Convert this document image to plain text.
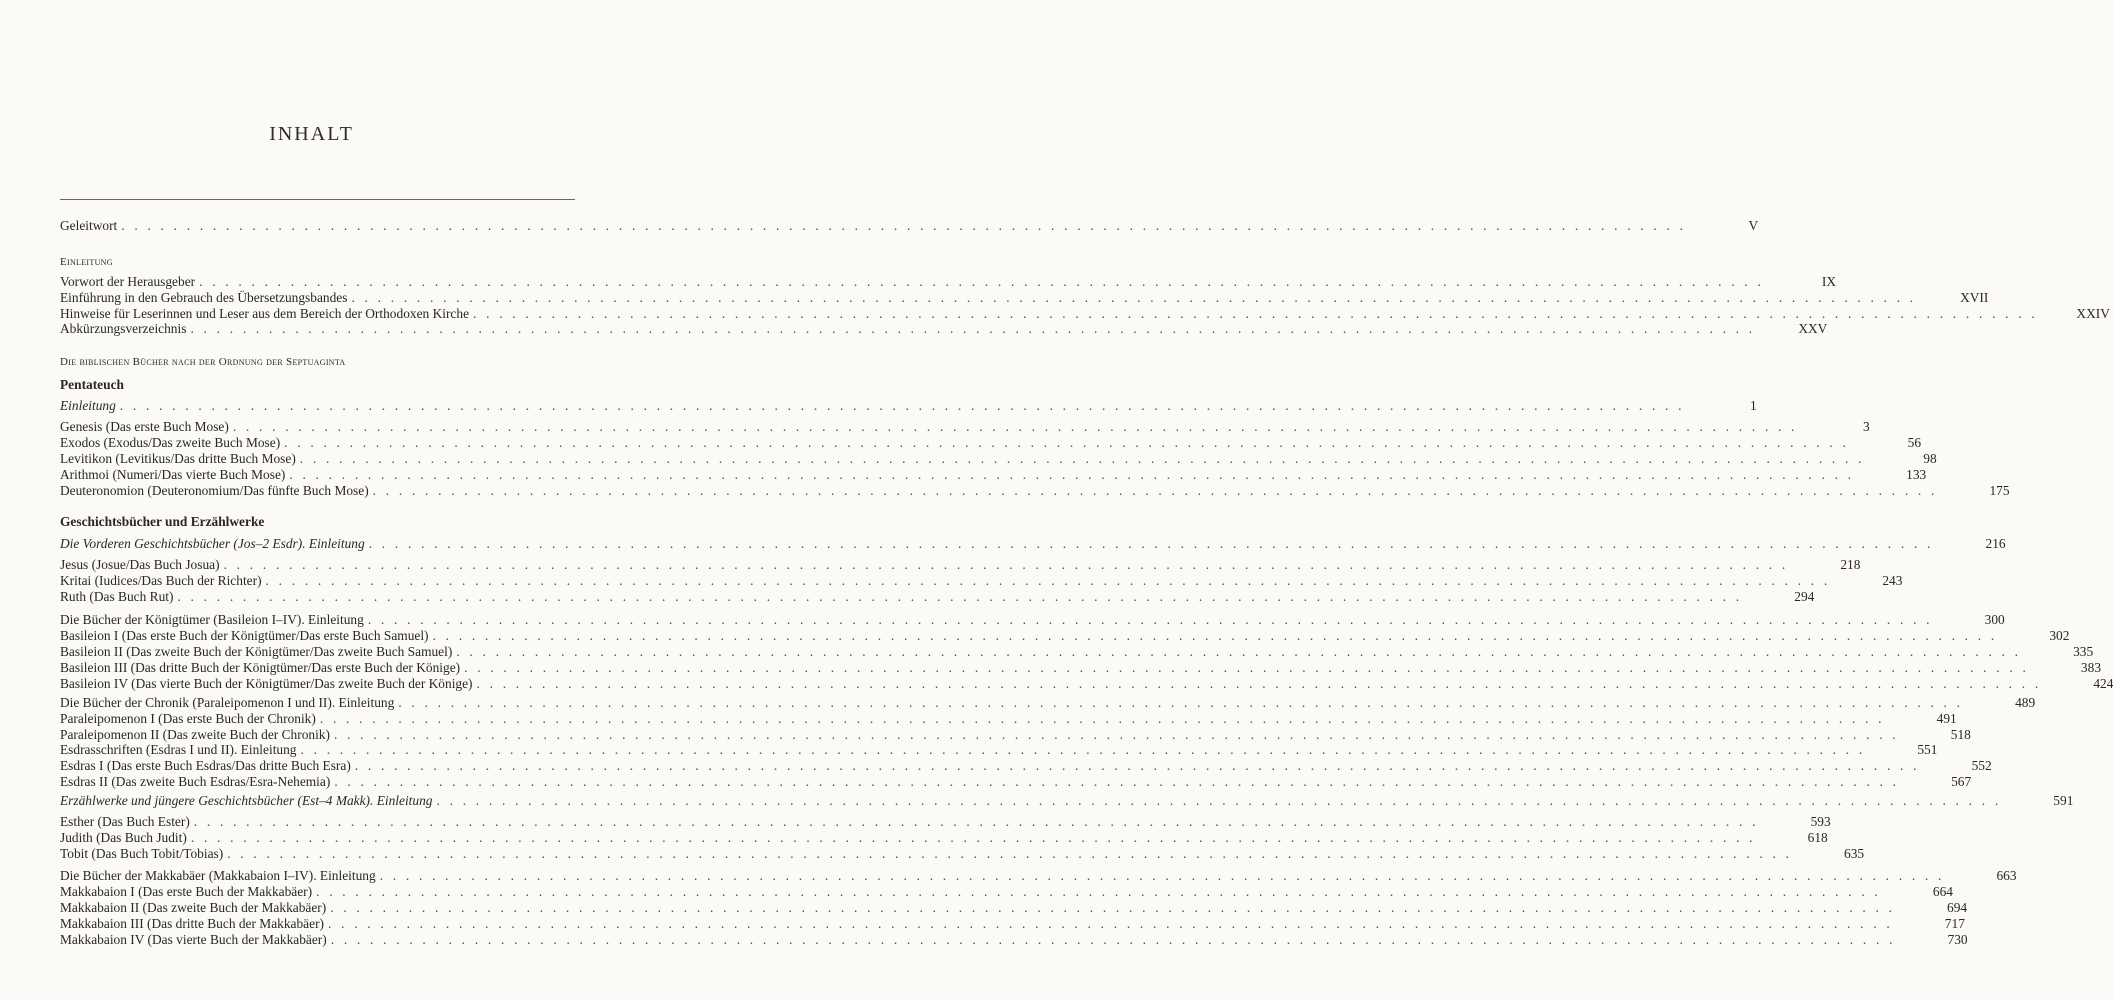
INHALT
Einleitung
Die biblischen Bücher nach der Ordnung der Septuaginta
Pentateuch
Geschichtsbücher und Erzählwerke
Geleitwort . . . . . . . . . . . . . . . . . . . . . . . . . . . . . . . . . . . . . . . . . . . . . . . . . . . . . . . . . . . . . . . . . . . . . . . . . . . . . . . . . . . . . . . . . . . . . . . . . . . . . . . . . . . . . . . . . . . . . . . .	V
Vorwort der Herausgeber . . . . . . . . . . . . . . . . . . . . . . . . . . . . . . . . . . . . . . . . . . . . . . . . . . . . . . . . . . . . . . . . . . . . . . . . . . . . . . . . . . . . . . . . . . . . . . . . . . . . . . . . . . . . . . . . . . . . . . . .	IX
Einführung in den Gebrauch des Übersetzungsbandes . . . . . . . . . . . . . . . . . . . . . . . . . . . . . . . . . . . . . . . . . . . . . . . . . . . . . . . . . . . . . . . . . . . . . . . . . . . . . . . . . . . . . . . . . . . . . . . . . . . . . . . . . . . . . . . . . . . . . . . .	XVII
Hinweise für Leserinnen und Leser aus dem Bereich der Orthodoxen Kirche . . . . . . . . . . . . . . . . . . . . . . . . . . . . . . . . . . . . . . . . . . . . . . . . . . . . . . . . . . . . . . . . . . . . . . . . . . . . . . . . . . . . . . . . . . . . . . . . . . . . . . . . . . . . . . . . . . . . . . . .	XXIV
Abkürzungsverzeichnis . . . . . . . . . . . . . . . . . . . . . . . . . . . . . . . . . . . . . . . . . . . . . . . . . . . . . . . . . . . . . . . . . . . . . . . . . . . . . . . . . . . . . . . . . . . . . . . . . . . . . . . . . . . . . . . . . . . . . . . .	XXV
Einleitung . . . . . . . . . . . . . . . . . . . . . . . . . . . . . . . . . . . . . . . . . . . . . . . . . . . . . . . . . . . . . . . . . . . . . . . . . . . . . . . . . . . . . . . . . . . . . . . . . . . . . . . . . . . . . . . . . . . . . . . .	1
Genesis (Das erste Buch Mose) . . . . . . . . . . . . . . . . . . . . . . . . . . . . . . . . . . . . . . . . . . . . . . . . . . . . . . . . . . . . . . . . . . . . . . . . . . . . . . . . . . . . . . . . . . . . . . . . . . . . . . . . . . . . . . . . . . . . . . . .	3
Exodos (Exodus/Das zweite Buch Mose) . . . . . . . . . . . . . . . . . . . . . . . . . . . . . . . . . . . . . . . . . . . . . . . . . . . . . . . . . . . . . . . . . . . . . . . . . . . . . . . . . . . . . . . . . . . . . . . . . . . . . . . . . . . . . . . . . . . . . . . .	56
Levitikon (Levitikus/Das dritte Buch Mose) . . . . . . . . . . . . . . . . . . . . . . . . . . . . . . . . . . . . . . . . . . . . . . . . . . . . . . . . . . . . . . . . . . . . . . . . . . . . . . . . . . . . . . . . . . . . . . . . . . . . . . . . . . . . . . . . . . . . . . . .	98
Arithmoi (Numeri/Das vierte Buch Mose) . . . . . . . . . . . . . . . . . . . . . . . . . . . . . . . . . . . . . . . . . . . . . . . . . . . . . . . . . . . . . . . . . . . . . . . . . . . . . . . . . . . . . . . . . . . . . . . . . . . . . . . . . . . . . . . . . . . . . . . .	133
Deuteronomion (Deuteronomium/Das fünfte Buch Mose) . . . . . . . . . . . . . . . . . . . . . . . . . . . . . . . . . . . . . . . . . . . . . . . . . . . . . . . . . . . . . . . . . . . . . . . . . . . . . . . . . . . . . . . . . . . . . . . . . . . . . . . . . . . . . . . . . . . . . . . .	175
Die Vorderen Geschichtsbücher (Jos–2 Esdr). Einleitung . . . . . . . . . . . . . . . . . . . . . . . . . . . . . . . . . . . . . . . . . . . . . . . . . . . . . . . . . . . . . . . . . . . . . . . . . . . . . . . . . . . . . . . . . . . . . . . . . . . . . . . . . . . . . . . . . . . . . . . .	216
Jesus (Josue/Das Buch Josua) . . . . . . . . . . . . . . . . . . . . . . . . . . . . . . . . . . . . . . . . . . . . . . . . . . . . . . . . . . . . . . . . . . . . . . . . . . . . . . . . . . . . . . . . . . . . . . . . . . . . . . . . . . . . . . . . . . . . . . . .	218
Kritai (Iudices/Das Buch der Richter) . . . . . . . . . . . . . . . . . . . . . . . . . . . . . . . . . . . . . . . . . . . . . . . . . . . . . . . . . . . . . . . . . . . . . . . . . . . . . . . . . . . . . . . . . . . . . . . . . . . . . . . . . . . . . . . . . . . . . . . .	243
Ruth (Das Buch Rut) . . . . . . . . . . . . . . . . . . . . . . . . . . . . . . . . . . . . . . . . . . . . . . . . . . . . . . . . . . . . . . . . . . . . . . . . . . . . . . . . . . . . . . . . . . . . . . . . . . . . . . . . . . . . . . . . . . . . . . . .	294
Die Bücher der Königtümer (Basileion I–IV). Einleitung . . . . . . . . . . . . . . . . . . . . . . . . . . . . . . . . . . . . . . . . . . . . . . . . . . . . . . . . . . . . . . . . . . . . . . . . . . . . . . . . . . . . . . . . . . . . . . . . . . . . . . . . . . . . . . . . . . . . . . . .	300
Basileion I (Das erste Buch der Königtümer/Das erste Buch Samuel) . . . . . . . . . . . . . . . . . . . . . . . . . . . . . . . . . . . . . . . . . . . . . . . . . . . . . . . . . . . . . . . . . . . . . . . . . . . . . . . . . . . . . . . . . . . . . . . . . . . . . . . . . . . . . . . . . . . . . . . .	302
Basileion II (Das zweite Buch der Königtümer/Das zweite Buch Samuel) . . . . . . . . . . . . . . . . . . . . . . . . . . . . . . . . . . . . . . . . . . . . . . . . . . . . . . . . . . . . . . . . . . . . . . . . . . . . . . . . . . . . . . . . . . . . . . . . . . . . . . . . . . . . . . . . . . . . . . . .	335
Basileion III (Das dritte Buch der Königtümer/Das erste Buch der Könige) . . . . . . . . . . . . . . . . . . . . . . . . . . . . . . . . . . . . . . . . . . . . . . . . . . . . . . . . . . . . . . . . . . . . . . . . . . . . . . . . . . . . . . . . . . . . . . . . . . . . . . . . . . . . . . . . . . . . . . . .	383
Basileion IV (Das vierte Buch der Königtümer/Das zweite Buch der Könige) . . . . . . . . . . . . . . . . . . . . . . . . . . . . . . . . . . . . . . . . . . . . . . . . . . . . . . . . . . . . . . . . . . . . . . . . . . . . . . . . . . . . . . . . . . . . . . . . . . . . . . . . . . . . . . . . . . . . . . . .	424
Die Bücher der Chronik (Paraleipomenon I und II). Einleitung . . . . . . . . . . . . . . . . . . . . . . . . . . . . . . . . . . . . . . . . . . . . . . . . . . . . . . . . . . . . . . . . . . . . . . . . . . . . . . . . . . . . . . . . . . . . . . . . . . . . . . . . . . . . . . . . . . . . . . . .	489
Paraleipomenon I (Das erste Buch der Chronik) . . . . . . . . . . . . . . . . . . . . . . . . . . . . . . . . . . . . . . . . . . . . . . . . . . . . . . . . . . . . . . . . . . . . . . . . . . . . . . . . . . . . . . . . . . . . . . . . . . . . . . . . . . . . . . . . . . . . . . . .	491
Paraleipomenon II (Das zweite Buch der Chronik) . . . . . . . . . . . . . . . . . . . . . . . . . . . . . . . . . . . . . . . . . . . . . . . . . . . . . . . . . . . . . . . . . . . . . . . . . . . . . . . . . . . . . . . . . . . . . . . . . . . . . . . . . . . . . . . . . . . . . . . .	518
Esdrasschriften (Esdras I und II). Einleitung . . . . . . . . . . . . . . . . . . . . . . . . . . . . . . . . . . . . . . . . . . . . . . . . . . . . . . . . . . . . . . . . . . . . . . . . . . . . . . . . . . . . . . . . . . . . . . . . . . . . . . . . . . . . . . . . . . . . . . . .	551
Esdras I (Das erste Buch Esdras/Das dritte Buch Esra) . . . . . . . . . . . . . . . . . . . . . . . . . . . . . . . . . . . . . . . . . . . . . . . . . . . . . . . . . . . . . . . . . . . . . . . . . . . . . . . . . . . . . . . . . . . . . . . . . . . . . . . . . . . . . . . . . . . . . . . .	552
Esdras II (Das zweite Buch Esdras/Esra-Nehemia) . . . . . . . . . . . . . . . . . . . . . . . . . . . . . . . . . . . . . . . . . . . . . . . . . . . . . . . . . . . . . . . . . . . . . . . . . . . . . . . . . . . . . . . . . . . . . . . . . . . . . . . . . . . . . . . . . . . . . . . .	567
Erzählwerke und jüngere Geschichtsbücher (Est–4 Makk). Einleitung . . . . . . . . . . . . . . . . . . . . . . . . . . . . . . . . . . . . . . . . . . . . . . . . . . . . . . . . . . . . . . . . . . . . . . . . . . . . . . . . . . . . . . . . . . . . . . . . . . . . . . . . . . . . . . . . . . . . . . . .	591
Esther (Das Buch Ester) . . . . . . . . . . . . . . . . . . . . . . . . . . . . . . . . . . . . . . . . . . . . . . . . . . . . . . . . . . . . . . . . . . . . . . . . . . . . . . . . . . . . . . . . . . . . . . . . . . . . . . . . . . . . . . . . . . . . . . . .	593
Judith (Das Buch Judit) . . . . . . . . . . . . . . . . . . . . . . . . . . . . . . . . . . . . . . . . . . . . . . . . . . . . . . . . . . . . . . . . . . . . . . . . . . . . . . . . . . . . . . . . . . . . . . . . . . . . . . . . . . . . . . . . . . . . . . . .	618
Tobit (Das Buch Tobit/Tobias) . . . . . . . . . . . . . . . . . . . . . . . . . . . . . . . . . . . . . . . . . . . . . . . . . . . . . . . . . . . . . . . . . . . . . . . . . . . . . . . . . . . . . . . . . . . . . . . . . . . . . . . . . . . . . . . . . . . . . . . .	635
Die Bücher der Makkabäer (Makkabaion I–IV). Einleitung . . . . . . . . . . . . . . . . . . . . . . . . . . . . . . . . . . . . . . . . . . . . . . . . . . . . . . . . . . . . . . . . . . . . . . . . . . . . . . . . . . . . . . . . . . . . . . . . . . . . . . . . . . . . . . . . . . . . . . . .	663
Makkabaion I (Das erste Buch der Makkabäer) . . . . . . . . . . . . . . . . . . . . . . . . . . . . . . . . . . . . . . . . . . . . . . . . . . . . . . . . . . . . . . . . . . . . . . . . . . . . . . . . . . . . . . . . . . . . . . . . . . . . . . . . . . . . . . . . . . . . . . . .	664
Makkabaion II (Das zweite Buch der Makkabäer) . . . . . . . . . . . . . . . . . . . . . . . . . . . . . . . . . . . . . . . . . . . . . . . . . . . . . . . . . . . . . . . . . . . . . . . . . . . . . . . . . . . . . . . . . . . . . . . . . . . . . . . . . . . . . . . . . . . . . . . .	694
Makkabaion III (Das dritte Buch der Makkabäer) . . . . . . . . . . . . . . . . . . . . . . . . . . . . . . . . . . . . . . . . . . . . . . . . . . . . . . . . . . . . . . . . . . . . . . . . . . . . . . . . . . . . . . . . . . . . . . . . . . . . . . . . . . . . . . . . . . . . . . . .	717
Makkabaion IV (Das vierte Buch der Makkabäer) . . . . . . . . . . . . . . . . . . . . . . . . . . . . . . . . . . . . . . . . . . . . . . . . . . . . . . . . . . . . . . . . . . . . . . . . . . . . . . . . . . . . . . . . . . . . . . . . . . . . . . . . . . . . . . . . . . . . . . . .	730
